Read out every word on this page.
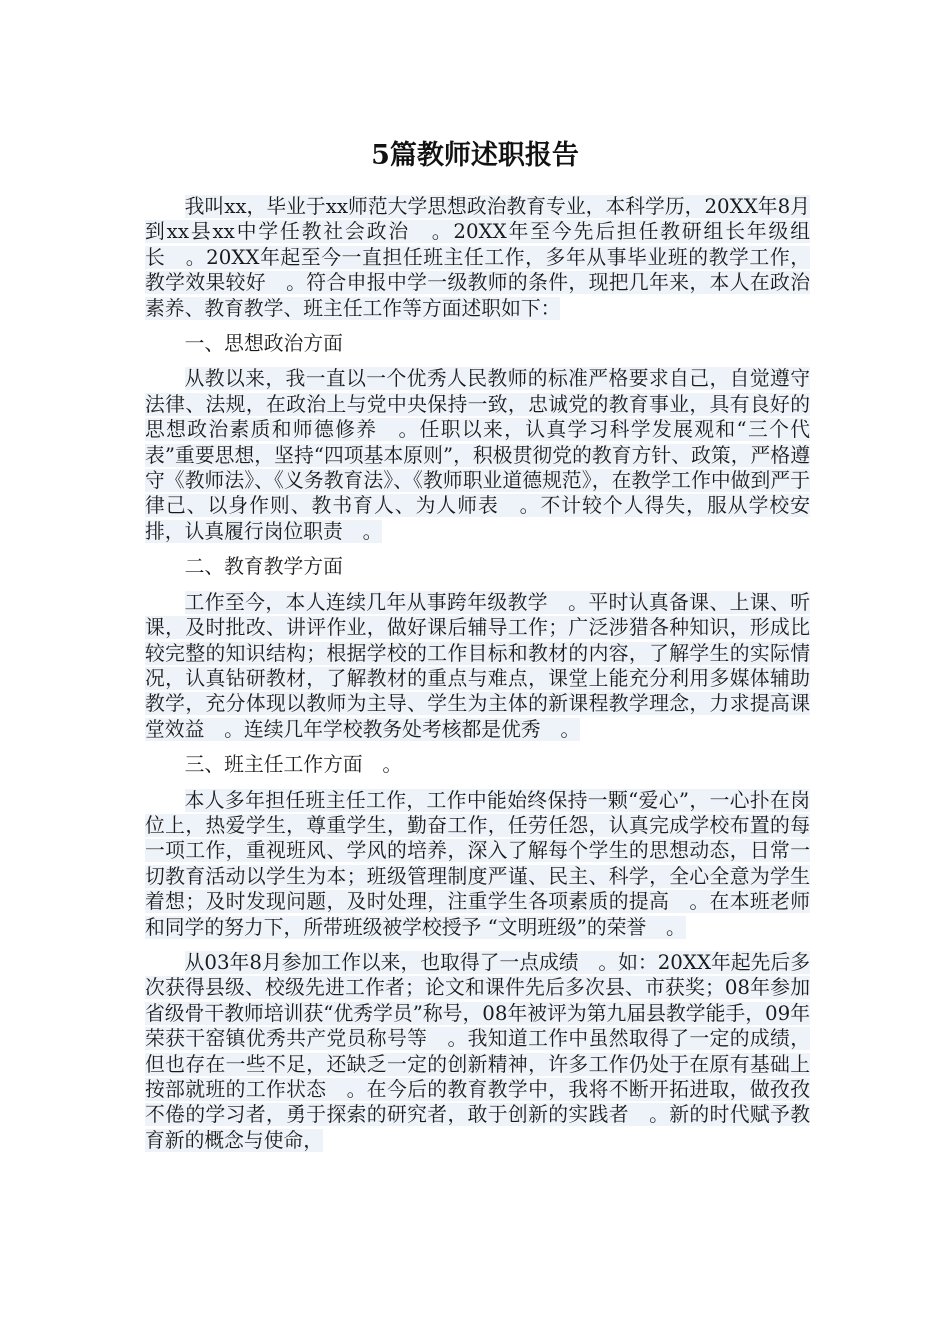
5篇教师述职报告

我叫xx，毕业于xx师范大学思想政治教育专业，本科学历，20XX年8月到xx县xx中学任教社会政治　。20XX年至今先后担任教研组长年级组长　。20XX年起至今一直担任班主任工作，多年从事毕业班的教学工作，教学效果较好　。符合申报中学一级教师的条件，现把几年来，本人在政治素养、教育教学、班主任工作等方面述职如下：

一、思想政治方面

从教以来，我一直以一个优秀人民教师的标准严格要求自己，自觉遵守法律、法规，在政治上与党中央保持一致，忠诚党的教育事业，具有良好的思想政治素质和师德修养　。任职以来，认真学习科学发展观和“三个代表”重要思想，坚持“四项基本原则”，积极贯彻党的教育方针、政策，严格遵守《教师法》、《义务教育法》、《教师职业道德规范》，在教学工作中做到严于律己、以身作则、教书育人、为人师表　。不计较个人得失，服从学校安排，认真履行岗位职责　。

二、教育教学方面

工作至今，本人连续几年从事跨年级教学　。平时认真备课、上课、听课，及时批改、讲评作业，做好课后辅导工作；广泛涉猎各种知识，形成比较完整的知识结构；根据学校的工作目标和教材的内容，了解学生的实际情况，认真钻研教材，了解教材的重点与难点，课堂上能充分利用多媒体辅助教学，充分体现以教师为主导、学生为主体的新课程教学理念，力求提高课堂效益　。连续几年学校教务处考核都是优秀　。

三、班主任工作方面　。

本人多年担任班主任工作，工作中能始终保持一颗“爱心”，一心扑在岗位上，热爱学生，尊重学生，勤奋工作，任劳任怨，认真完成学校布置的每一项工作，重视班风、学风的培养，深入了解每个学生的思想动态，日常一切教育活动以学生为本；班级管理制度严谨、民主、科学，全心全意为学生着想；及时发现问题，及时处理，注重学生各项素质的提高　。在本班老师和同学的努力下，所带班级被学校授予 “文明班级”的荣誉　。

从03年8月参加工作以来，也取得了一点成绩　。如：20XX年起先后多次获得县级、校级先进工作者；论文和课件先后多次县、市获奖；08年参加省级骨干教师培训获“优秀学员”称号，08年被评为第九届县教学能手，09年荣获干窑镇优秀共产党员称号等　。我知道工作中虽然取得了一定的成绩，但也存在一些不足，还缺乏一定的创新精神，许多工作仍处于在原有基础上按部就班的工作状态　。在今后的教育教学中，我将不断开拓进取，做孜孜不倦的学习者，勇于探索的研究者，敢于创新的实践者　。新的时代赋予教育新的概念与使命，
